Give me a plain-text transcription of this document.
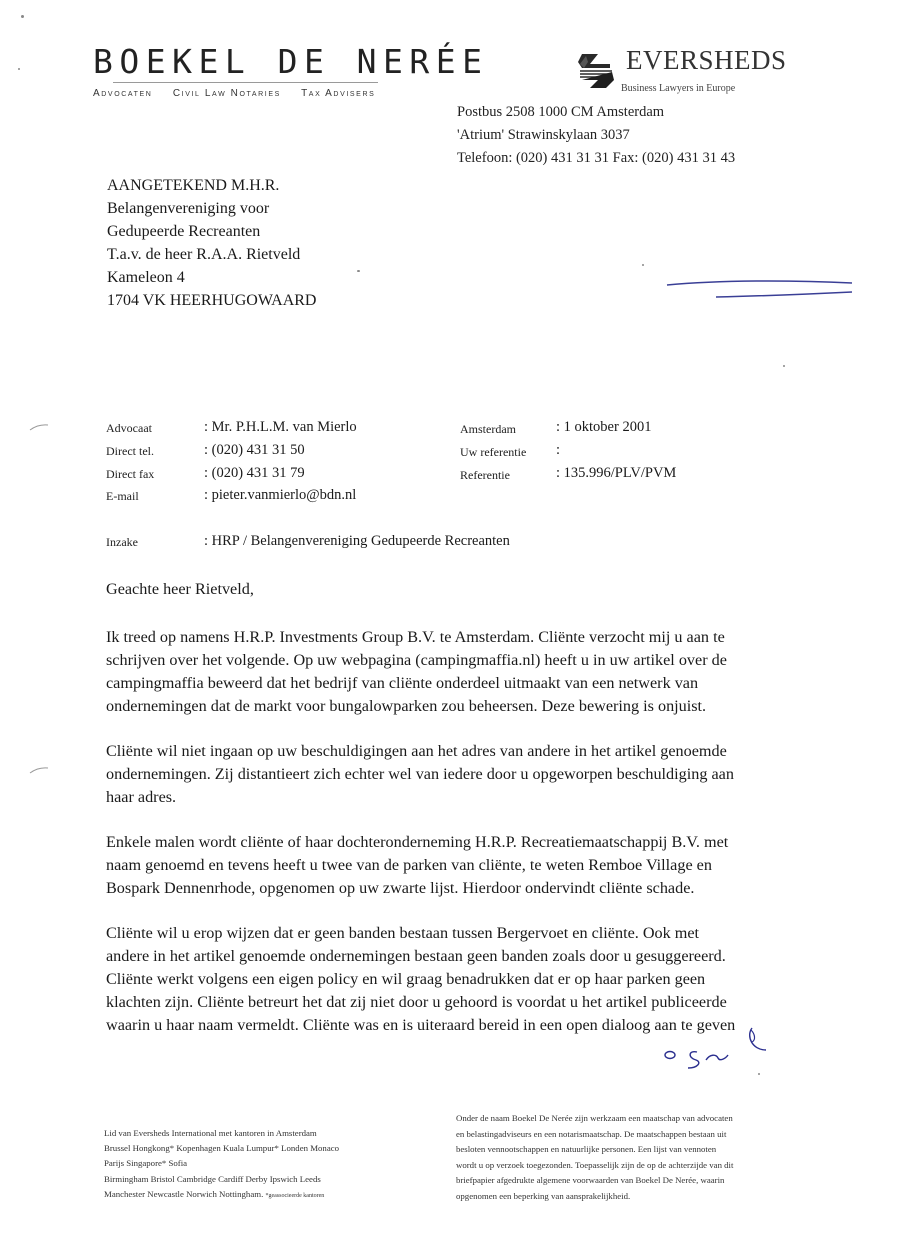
BOEKEL DE NERÉE
Advocaten Civil Law Notaries Tax Advisers
EVERSHEDS
Business Lawyers in Europe
Postbus 2508 1000 CM Amsterdam
'Atrium' Strawinskylaan 3037
Telefoon: (020) 431 31 31 Fax: (020) 431 31 43
AANGETEKEND M.H.R.
Belangenvereniging voor
Gedupeerde Recreanten
T.a.v. de heer R.A.A. Rietveld
Kameleon 4
1704 VK HEERHUGOWAARD
Advocaat	: Mr. P.H.L.M. van Mierlo
Direct tel.	: (020) 431 31 50
Direct fax	: (020) 431 31 79
E-mail	: pieter.vanmierlo@bdn.nl
Amsterdam	: 1 oktober 2001
Uw referentie :
Referentie	: 135.996/PLV/PVM
Inzake	: HRP / Belangenvereniging Gedupeerde Recreanten
Geachte heer Rietveld,
Ik treed op namens H.R.P. Investments Group B.V. te Amsterdam. Cliënte verzocht mij u aan te
schrijven over het volgende. Op uw webpagina (campingmaffia.nl) heeft u in uw artikel over de
campingmaffia beweerd dat het bedrijf van cliënte onderdeel uitmaakt van een netwerk van
ondernemingen dat de markt voor bungalowparken zou beheersen. Deze bewering is onjuist.
Cliënte wil niet ingaan op uw beschuldigingen aan het adres van andere in het artikel genoemde
ondernemingen. Zij distantieert zich echter wel van iedere door u opgeworpen beschuldiging aan
haar adres.
Enkele malen wordt cliënte of haar dochteronderneming H.R.P. Recreatiemaatschappij B.V. met
naam genoemd en tevens heeft u twee van de parken van cliënte, te weten Remboe Village en
Bospark Dennenrhode, opgenomen op uw zwarte lijst. Hierdoor ondervindt cliënte schade.
Cliënte wil u erop wijzen dat er geen banden bestaan tussen Bergervoet en cliënte. Ook met
andere in het artikel genoemde ondernemingen bestaan geen banden zoals door u gesuggereerd.
Cliënte werkt volgens een eigen policy en wil graag benadrukken dat er op haar parken geen
klachten zijn. Cliënte betreurt het dat zij niet door u gehoord is voordat u het artikel publiceerde
waarin u haar naam vermeldt. Cliënte was en is uiteraard bereid in een open dialoog aan te geven
Lid van Eversheds International met kantoren in Amsterdam
Brussel Hongkong* Kopenhagen Kuala Lumpur* Londen Monaco
Parijs Singapore* Sofia
Birmingham Bristol Cambridge Cardiff Derby Ipswich Leeds
Manchester Newcastle Norwich Nottingham. *geassocieerde kantoren
Onder de naam Boekel De Nerée zijn werkzaam een maatschap van advocaten
en belastingadviseurs en een notarismaatschap. De maatschappen bestaan uit
besloten vennootschappen en natuurlijke personen. Een lijst van vennoten
wordt u op verzoek toegezonden. Toepasselijk zijn de op de achterzijde van dit
briefpapier afgedrukte algemene voorwaarden van Boekel De Nerée, waarin
opgenomen een beperking van aansprakelijkheid.
